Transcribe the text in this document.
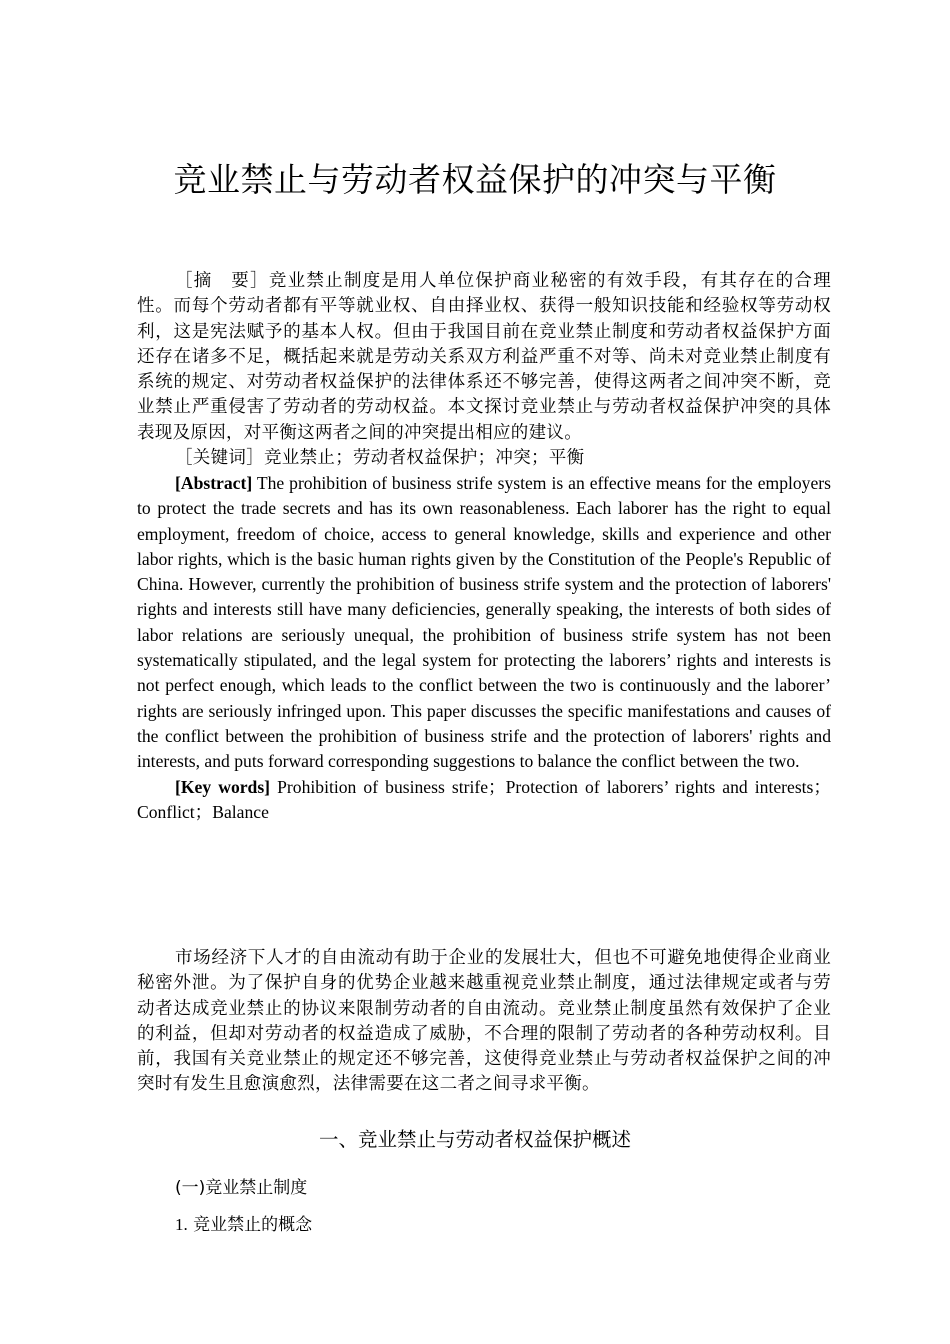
竞业禁止与劳动者权益保护的冲突与平衡

［摘　要］竞业禁止制度是用人单位保护商业秘密的有效手段，有其存在的合理性。而每个劳动者都有平等就业权、自由择业权、获得一般知识技能和经验权等劳动权利，这是宪法赋予的基本人权。但由于我国目前在竞业禁止制度和劳动者权益保护方面还存在诸多不足，概括起来就是劳动关系双方利益严重不对等、尚未对竞业禁止制度有系统的规定、对劳动者权益保护的法律体系还不够完善，使得这两者之间冲突不断，竞业禁止严重侵害了劳动者的劳动权益。本文探讨竞业禁止与劳动者权益保护冲突的具体表现及原因，对平衡这两者之间的冲突提出相应的建议。

［关键词］竞业禁止；劳动者权益保护；冲突；平衡

[Abstract] The prohibition of business strife system is an effective means for the employers to protect the trade secrets and has its own reasonableness. Each laborer has the right to equal employment, freedom of choice, access to general knowledge, skills and experience and other labor rights, which is the basic human rights given by the Constitution of the People's Republic of China. However, currently the prohibition of business strife system and the protection of laborers' rights and interests still have many deficiencies, generally speaking, the interests of both sides of labor relations are seriously unequal, the prohibition of business strife system has not been systematically stipulated, and the legal system for protecting the laborers’ rights and interests is not perfect enough, which leads to the conflict between the two is continuously and the laborer’ rights are seriously infringed upon. This paper discusses the specific manifestations and causes of the conflict between the prohibition of business strife and the protection of laborers' rights and interests, and puts forward corresponding suggestions to balance the conflict between the two.

[Key words] Prohibition of business strife；Protection of laborers’ rights and interests；Conflict；Balance

市场经济下人才的自由流动有助于企业的发展壮大，但也不可避免地使得企业商业秘密外泄。为了保护自身的优势企业越来越重视竞业禁止制度，通过法律规定或者与劳动者达成竞业禁止的协议来限制劳动者的自由流动。竞业禁止制度虽然有效保护了企业的利益，但却对劳动者的权益造成了威胁，不合理的限制了劳动者的各种劳动权利。目前，我国有关竞业禁止的规定还不够完善，这使得竞业禁止与劳动者权益保护之间的冲突时有发生且愈演愈烈，法律需要在这二者之间寻求平衡。

一、竞业禁止与劳动者权益保护概述
(一)竞业禁止制度

1. 竞业禁止的概念
